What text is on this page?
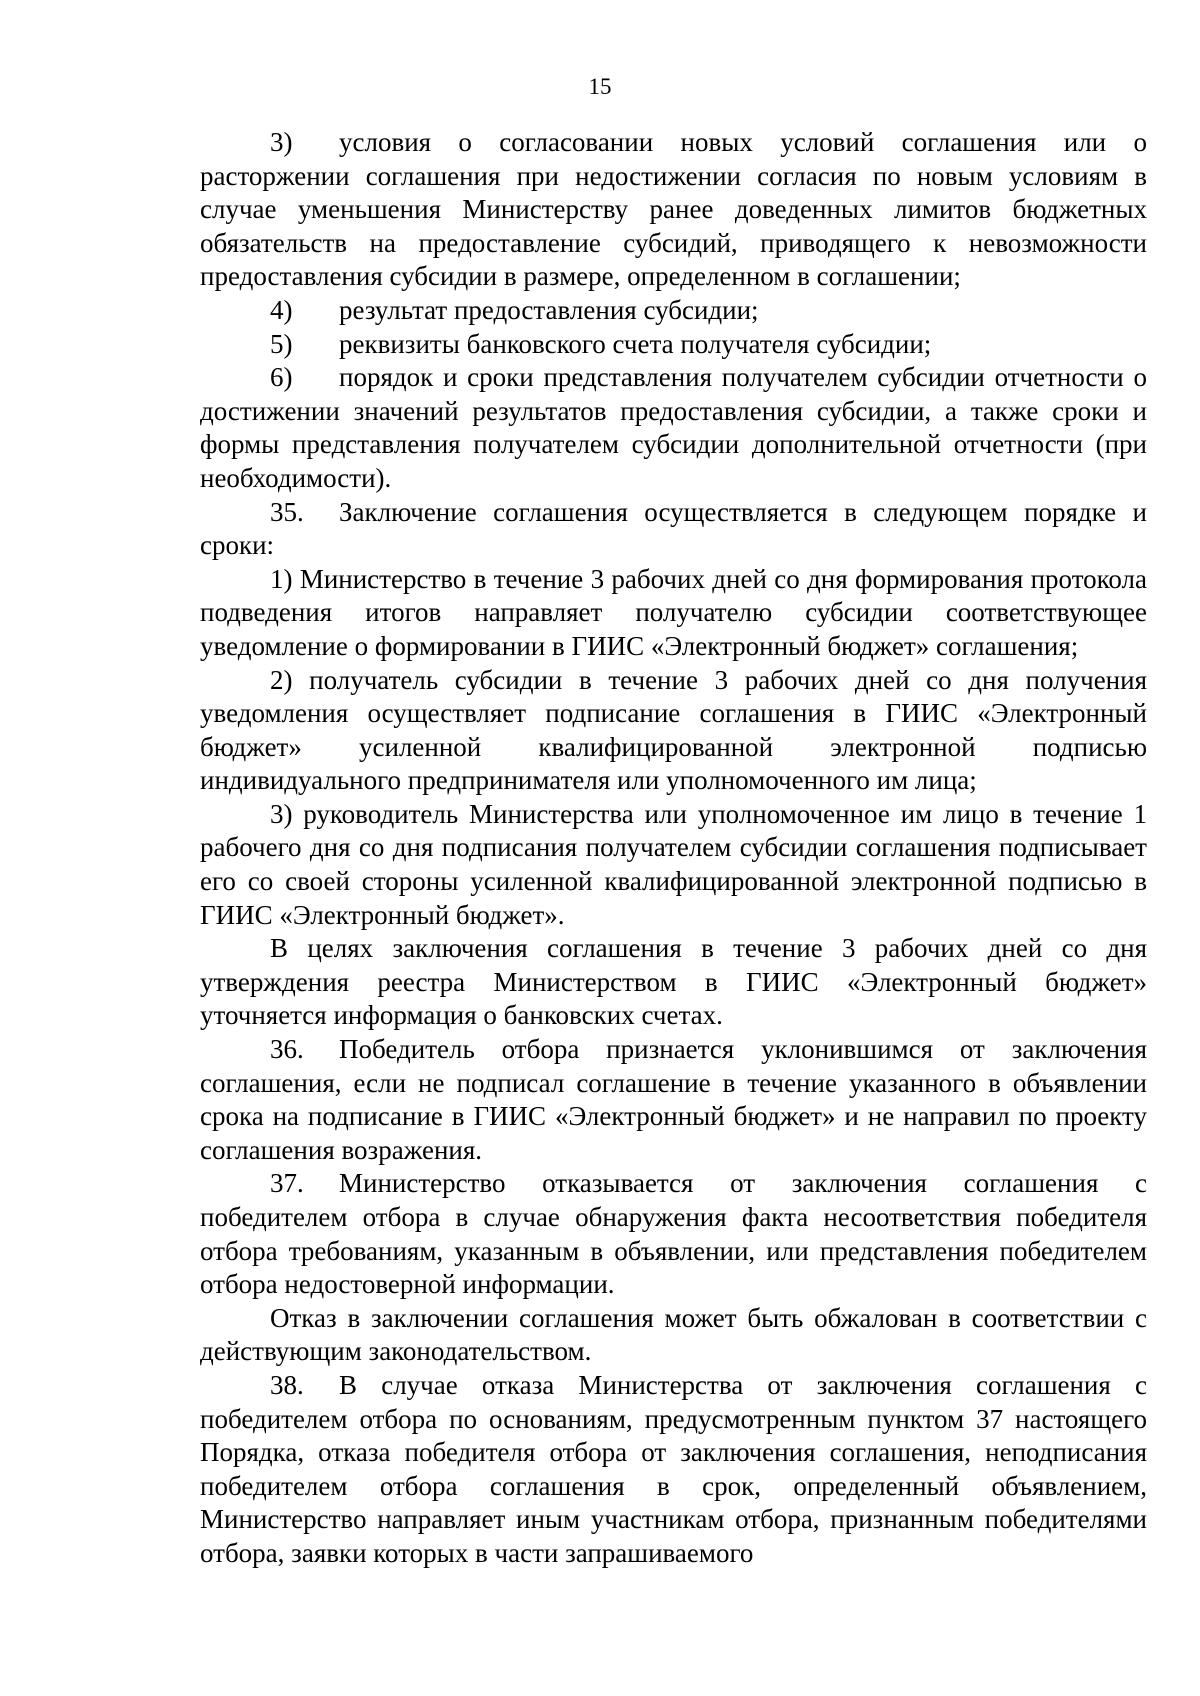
15

3) условия о согласовании новых условий соглашения или о расторжении соглашения при недостижении согласия по новым условиям в случае уменьшения Министерству ранее доведенных лимитов бюджетных обязательств на предоставление субсидий, приводящего к невозможности предоставления субсидии в размере, определенном в соглашении;

4) результат предоставления субсидии;

5) реквизиты банковского счета получателя субсидии;

6) порядок и сроки представления получателем субсидии отчетности о достижении значений результатов предоставления субсидии, а также сроки и формы представления получателем субсидии дополнительной отчетности (при необходимости).

35. Заключение соглашения осуществляется в следующем порядке и сроки:

1) Министерство в течение 3 рабочих дней со дня формирования протокола подведения итогов направляет получателю субсидии соответствующее уведомление о формировании в ГИИС «Электронный бюджет» соглашения;

2) получатель субсидии в течение 3 рабочих дней со дня получения уведомления осуществляет подписание соглашения в ГИИС «Электронный бюджет» усиленной квалифицированной электронной подписью индивидуального предпринимателя или уполномоченного им лица;

3) руководитель Министерства или уполномоченное им лицо в течение 1 рабочего дня со дня подписания получателем субсидии соглашения подписывает его со своей стороны усиленной квалифицированной электронной подписью в ГИИС «Электронный бюджет».

В целях заключения соглашения в течение 3 рабочих дней со дня утверждения реестра Министерством в ГИИС «Электронный бюджет» уточняется информация о банковских счетах.

36. Победитель отбора признается уклонившимся от заключения соглашения, если не подписал соглашение в течение указанного в объявлении срока на подписание в ГИИС «Электронный бюджет» и не направил по проекту соглашения возражения.

37. Министерство отказывается от заключения соглашения с победителем отбора в случае обнаружения факта несоответствия победителя отбора требованиям, указанным в объявлении, или представления победителем отбора недостоверной информации.

Отказ в заключении соглашения может быть обжалован в соответствии с действующим законодательством.

38. В случае отказа Министерства от заключения соглашения с победителем отбора по основаниям, предусмотренным пунктом 37 настоящего Порядка, отказа победителя отбора от заключения соглашения, неподписания победителем отбора соглашения в срок, определенный объявлением, Министерство направляет иным участникам отбора, признанным победителями отбора, заявки которых в части запрашиваемого
